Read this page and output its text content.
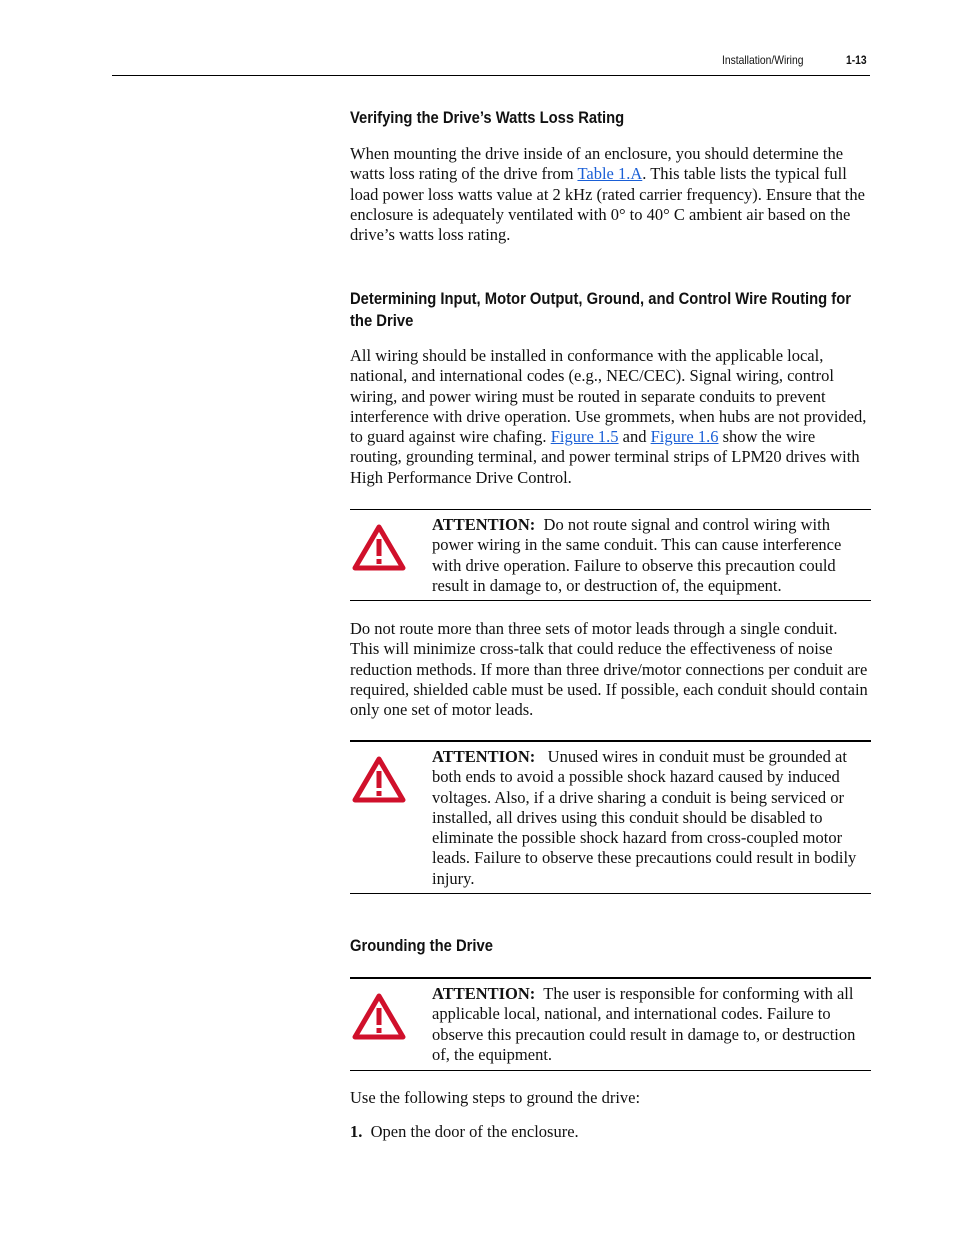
Installation/Wiring	1-13
Verifying the Drive’s Watts Loss Rating
When mounting the drive inside of an enclosure, you should determine the watts loss rating of the drive from Table 1.A. This table lists the typical full load power loss watts value at 2 kHz (rated carrier frequency). Ensure that the enclosure is adequately ventilated with 0° to 40° C ambient air based on the drive’s watts loss rating.
Determining Input, Motor Output, Ground, and Control Wire Routing for
the Drive
All wiring should be installed in conformance with the applicable local, national, and international codes (e.g., NEC/CEC). Signal wiring, control wiring, and power wiring must be routed in separate conduits to prevent interference with drive operation. Use grommets, when hubs are not provided, to guard against wire chafing. Figure 1.5 and Figure 1.6 show the wire routing, grounding terminal, and power terminal strips of LPM20 drives with High Performance Drive Control.
ATTENTION: Do not route signal and control wiring with power wiring in the same conduit. This can cause interference with drive operation. Failure to observe this precaution could result in damage to, or destruction of, the equipment.
Do not route more than three sets of motor leads through a single conduit. This will minimize cross-talk that could reduce the effectiveness of noise reduction methods. If more than three drive/motor connections per conduit are required, shielded cable must be used. If possible, each conduit should contain only one set of motor leads.
ATTENTION: Unused wires in conduit must be grounded at both ends to avoid a possible shock hazard caused by induced voltages. Also, if a drive sharing a conduit is being serviced or installed, all drives using this conduit should be disabled to eliminate the possible shock hazard from cross-coupled motor leads. Failure to observe these precautions could result in bodily injury.
Grounding the Drive
ATTENTION: The user is responsible for conforming with all applicable local, national, and international codes. Failure to observe this precaution could result in damage to, or destruction of, the equipment.
Use the following steps to ground the drive:
1. Open the door of the enclosure.
